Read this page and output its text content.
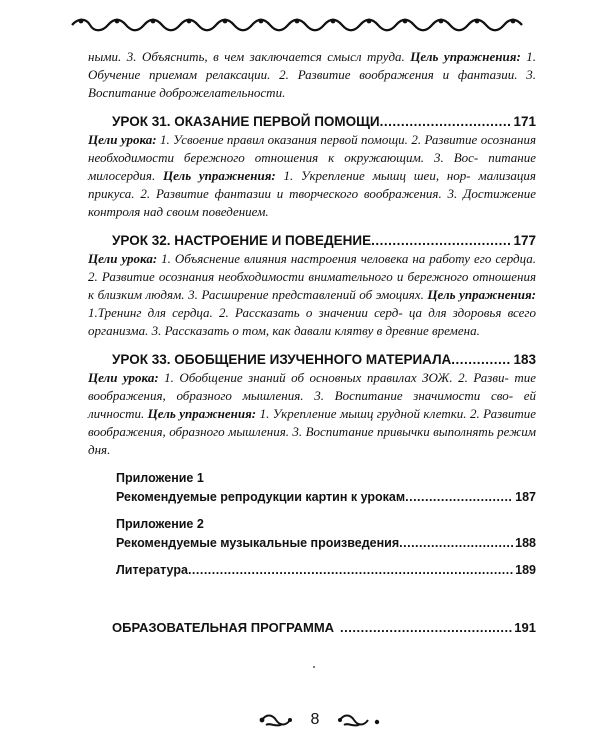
ными. 3. Объяснить, в чем заключается смысл труда. Цель упражнения: 1. Обучение приемам релаксации. 2. Развитие воображения и фантазии. 3. Воспитание доброжелательности.

УРОК 31. ОКАЗАНИЕ ПЕРВОЙ ПОМОЩИ .....	171

Цели урока: 1. Усвоение правил оказания первой помощи. 2. Развитие осознания необходимости бережного отношения к окружающим. 3. Вос- питание милосердия. Цель упражнения: 1. Укрепление мышц шеи, нор- мализация прикуса. 2. Развитие фантазии и творческого воображения. 3. Достижение контроля над своим поведением.

УРОК 32. НАСТРОЕНИЕ И ПОВЕДЕНИЕ .....	177

Цели урока: 1. Объяснение влияния настроения человека на работу его сердца. 2. Развитие осознания необходимости внимательного и бережного отношения к близким людям. 3. Расширение представлений об эмоциях. Цель упражнения: 1.Тренинг для сердца. 2. Рассказать о значении серд- ца для здоровья всего организма. 3. Рассказать о том, как давали клятву в древние времена.

УРОК 33. ОБОБЩЕНИЕ ИЗУЧЕННОГО МАТЕРИАЛА .....	183

Цели урока: 1. Обобщение знаний об основных правилах ЗОЖ. 2. Разви- тие воображения, образного мышления. 3. Воспитание значимости сво- ей личности. Цель упражнения: 1. Укрепление мышц грудной клетки. 2. Развитие воображения, образного мышления. 3. Воспитание привычки выполнять режим дня.

Приложение 1

Рекомендуемые репродукции картин к урокам .....	187

Приложение 2

Рекомендуемые музыкальные произведения .....	188
Литература .....	189
ОБРАЗОВАТЕЛЬНАЯ ПРОГРАММА .....	191
8
